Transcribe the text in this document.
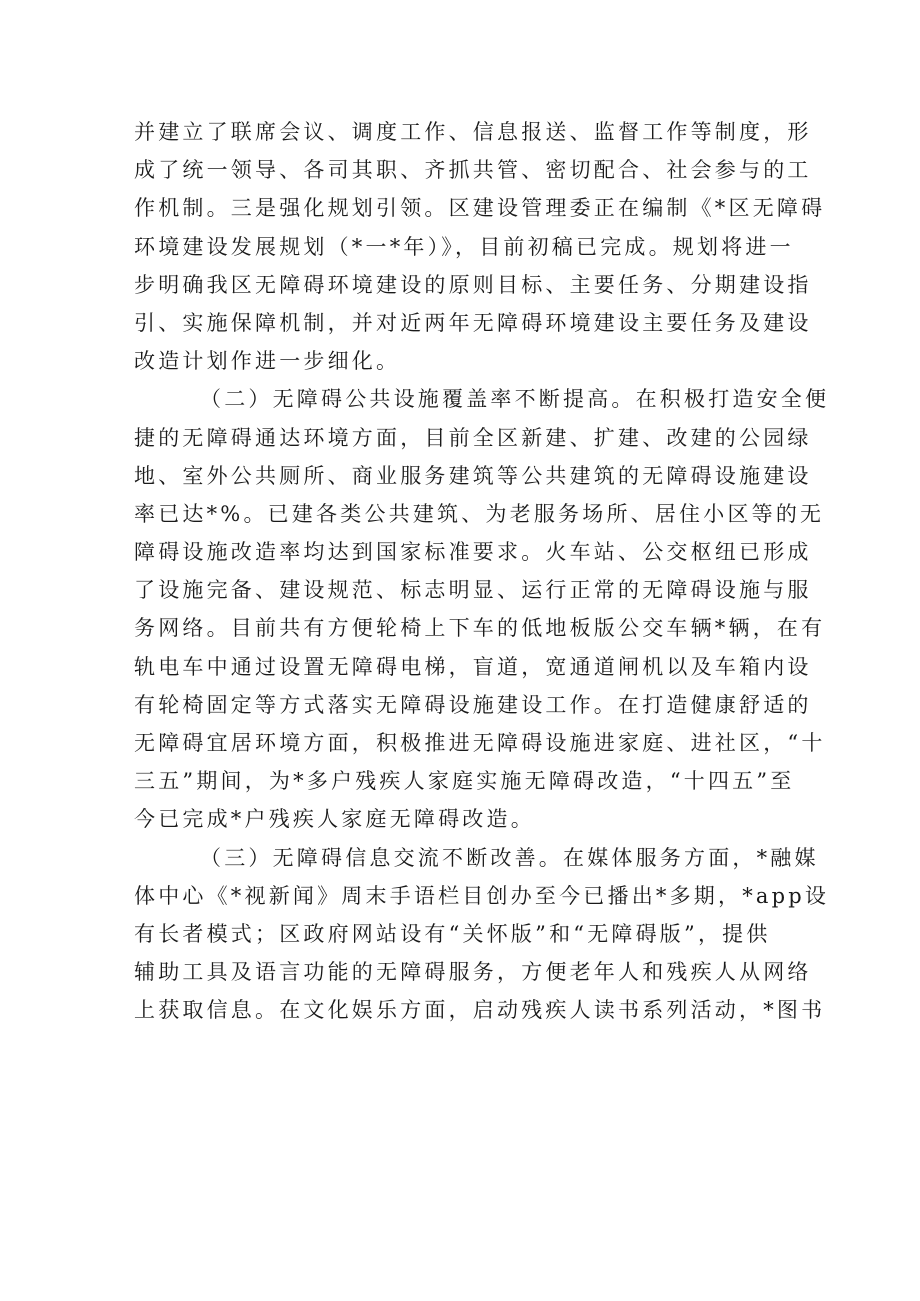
并建立了联席会议、调度工作、信息报送、监督工作等制度，形
成了统一领导、各司其职、齐抓共管、密切配合、社会参与的工
作机制。三是强化规划引领。区建设管理委正在编制《*区无障碍
环境建设发展规划（*一*年）》，目前初稿已完成。规划将进一
步明确我区无障碍环境建设的原则目标、主要任务、分期建设指
引、实施保障机制，并对近两年无障碍环境建设主要任务及建设
改造计划作进一步细化。
（二）无障碍公共设施覆盖率不断提高。在积极打造安全便
捷的无障碍通达环境方面，目前全区新建、扩建、改建的公园绿
地、室外公共厕所、商业服务建筑等公共建筑的无障碍设施建设
率已达*%。已建各类公共建筑、为老服务场所、居住小区等的无
障碍设施改造率均达到国家标准要求。火车站、公交枢纽已形成
了设施完备、建设规范、标志明显、运行正常的无障碍设施与服
务网络。目前共有方便轮椅上下车的低地板版公交车辆*辆，在有
轨电车中通过设置无障碍电梯，盲道，宽通道闸机以及车箱内设
有轮椅固定等方式落实无障碍设施建设工作。在打造健康舒适的
无障碍宜居环境方面，积极推进无障碍设施进家庭、进社区，“十
三五”期间，为*多户残疾人家庭实施无障碍改造，“十四五”至
今已完成*户残疾人家庭无障碍改造。
（三）无障碍信息交流不断改善。在媒体服务方面，*融媒
体中心《*视新闻》周末手语栏目创办至今已播出*多期，*app设
有长者模式；区政府网站设有“关怀版”和“无障碍版”，提供
辅助工具及语言功能的无障碍服务，方便老年人和残疾人从网络
上获取信息。在文化娱乐方面，启动残疾人读书系列活动，*图书
